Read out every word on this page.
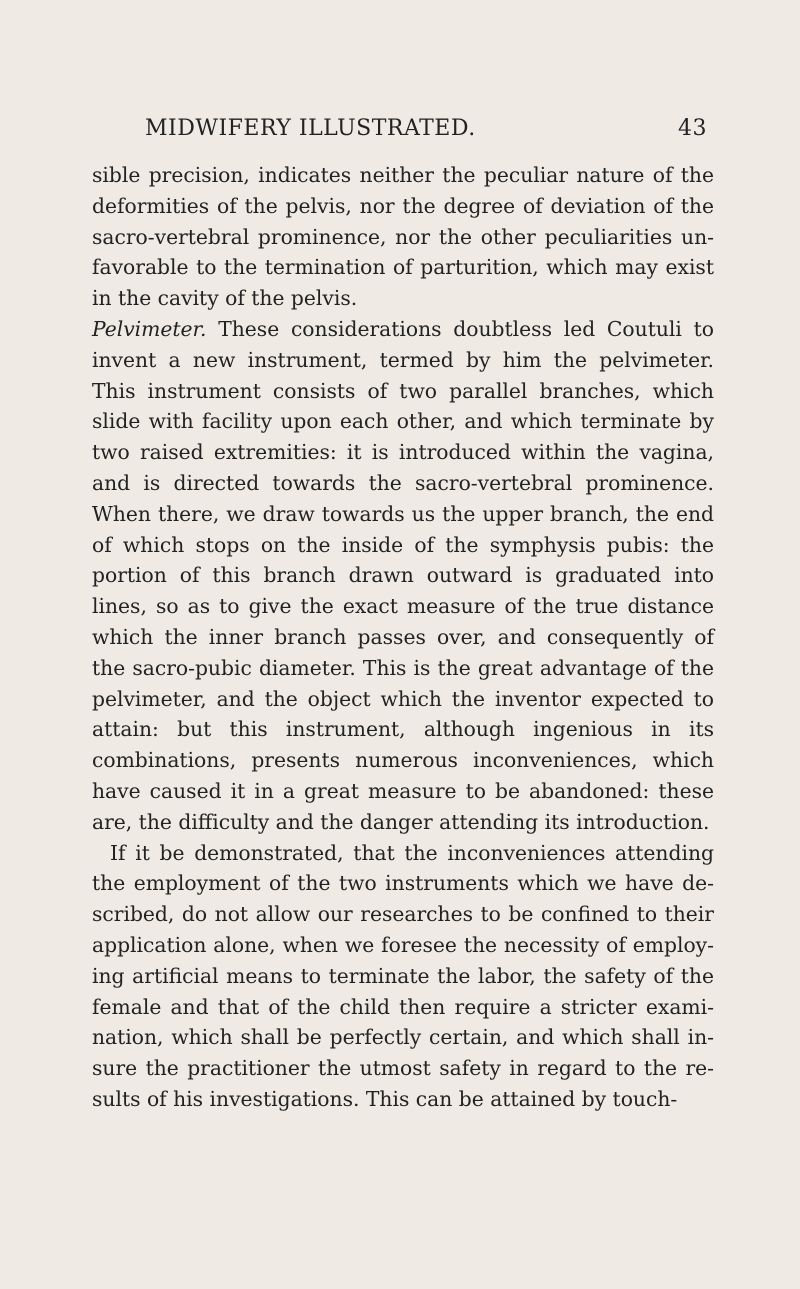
MIDWIFERY ILLUSTRATED.	43

sible precision, indicates neither the peculiar nature of the deformities of the pelvis, nor the degree of deviation of the sacro-vertebral prominence, nor the other peculiarities un-favorable to the termination of parturition, which may exist in the cavity of the pelvis.

Pelvimeter. These considerations doubtless led Coutuli to invent a new instrument, termed by him the pelvimeter. This instrument consists of two parallel branches, which slide with facility upon each other, and which terminate by two raised extremities: it is introduced within the vagina, and is directed towards the sacro-vertebral prominence. When there, we draw towards us the upper branch, the end of which stops on the inside of the symphysis pubis: the portion of this branch drawn outward is graduated into lines, so as to give the exact measure of the true distance which the inner branch passes over, and consequently of the sacro-pubic diameter. This is the great advantage of the pelvimeter, and the object which the inventor expected to attain: but this instrument, although ingenious in its combinations, presents numerous inconveniences, which have caused it in a great measure to be abandoned: these are, the difficulty and the danger attending its introduction.

If it be demonstrated, that the inconveniences attending the employment of the two instruments which we have de-scribed, do not allow our researches to be confined to their application alone, when we foresee the necessity of employ-ing artificial means to terminate the labor, the safety of the female and that of the child then require a stricter exami-nation, which shall be perfectly certain, and which shall in-sure the practitioner the utmost safety in regard to the re-sults of his investigations. This can be attained by touch-
